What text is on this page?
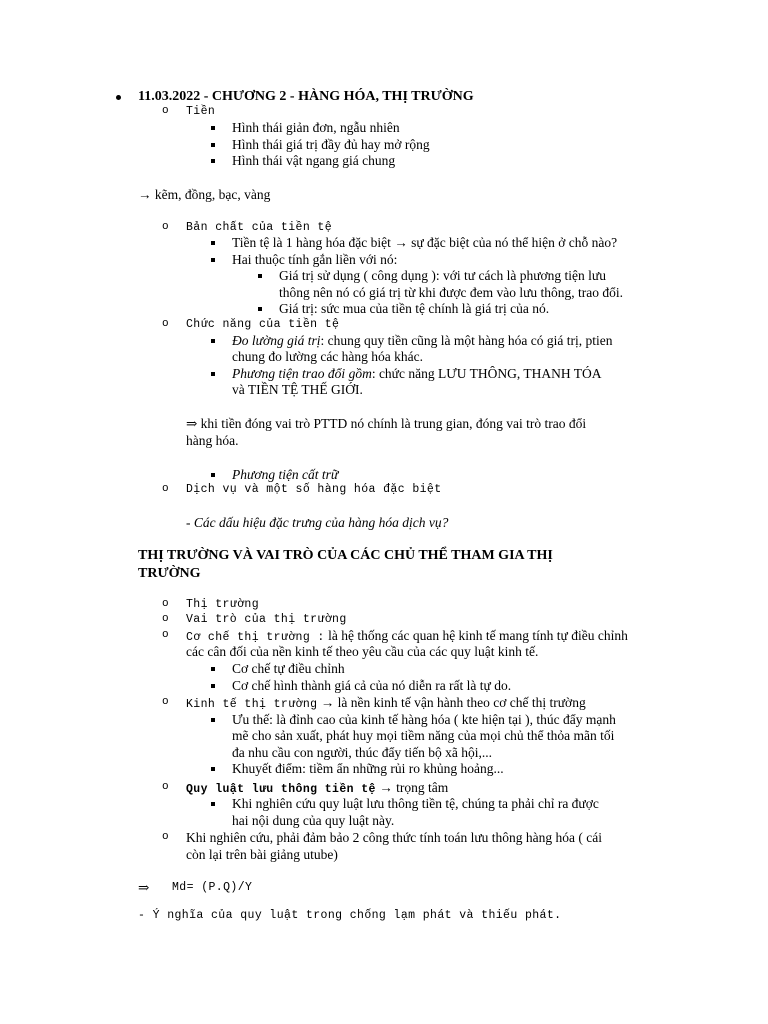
11.03.2022 - CHƯƠNG 2 - HÀNG HÓA, THỊ TRƯỜNG
o Tiền
Hình thái giản đơn, ngẫu nhiên
Hình thái giá trị đầy đủ hay mở rộng
Hình thái vật ngang giá chung
→ kẽm, đồng, bạc, vàng
o Bản chất của tiền tệ
Tiền tệ là 1 hàng hóa đặc biệt → sự đặc biệt của nó thể hiện ở chỗ nào?
Hai thuộc tính gắn liền với nó:
Giá trị sử dụng ( công dụng ): với tư cách là phương tiện lưu
thông nên nó có giá trị từ khi được đem vào lưu thông, trao đổi.
Giá trị: sức mua của tiền tệ chính là giá trị của nó.
o Chức năng của tiền tệ
Đo lường giá trị: chung quy tiền cũng là một hàng hóa có giá trị, ptien
chung đo lường các hàng hóa khác.
Phương tiện trao đổi gồm: chức năng LƯU THÔNG, THANH TÓA
và TIỀN TỆ THẾ GIỚI.
⇒ khi tiền đóng vai trò PTTD nó chính là trung gian, đóng vai trò trao đổi
hàng hóa.
Phương tiện cất trữ
o Dịch vụ và một số hàng hóa đặc biệt
- Các dấu hiệu đặc trưng của hàng hóa dịch vụ?
THỊ TRƯỜNG VÀ VAI TRÒ CỦA CÁC CHỦ THỂ THAM GIA THỊ
TRƯỜNG
o Thị trường
o Vai trò của thị trường
o Cơ chế thị trường : là hệ thống các quan hệ kinh tế mang tính tự điều chỉnh
các cân đối của nền kinh tế theo yêu cầu của các quy luật kinh tế.
Cơ chế tự điều chỉnh
Cơ chế hình thành giá cả của nó diễn ra rất là tự do.
o Kinh tế thị trường → là nền kinh tế vận hành theo cơ chế thị trường
Ưu thế: là đỉnh cao của kinh tế hàng hóa ( kte hiện tại ), thúc đẩy mạnh
mẽ cho sản xuất, phát huy mọi tiềm năng của mọi chủ thể thỏa mãn tối
đa nhu cầu con người, thúc đẩy tiến bộ xã hội,...
Khuyết điểm: tiềm ẩn những rủi ro khủng hoảng...
o Quy luật lưu thông tiền tệ → trọng tâm
Khi nghiên cứu quy luật lưu thông tiền tệ, chúng ta phải chỉ ra được
hai nội dung của quy luật này.
o Khi nghiên cứu, phải đảm bảo 2 công thức tính toán lưu thông hàng hóa ( cái
còn lại trên bài giảng utube)
⇒ Md= (P.Q)/Y
- Ý nghĩa của quy luật trong chống lạm phát và thiếu phát.
